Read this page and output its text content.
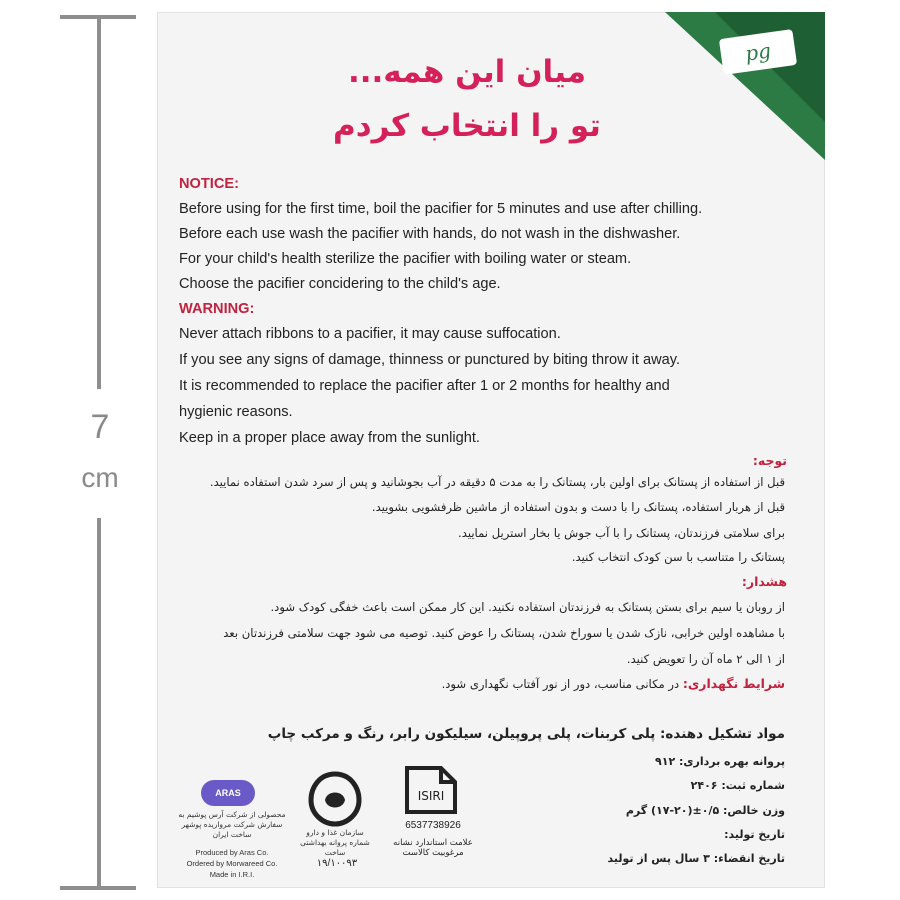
7
cm
pg
میان این همه...
تو را انتخاب کردم
NOTICE:
Before using for the first time, boil the pacifier for 5 minutes and use after chilling.
Before each use wash the pacifier with hands, do not wash in the dishwasher.
For your child's health sterilize the pacifier with boiling water or steam.
Choose the pacifier concidering to the child's age.
WARNING:
Never attach ribbons to a pacifier, it may cause suffocation.
If you see any signs of damage, thinness or punctured by biting throw it away.
It is recommended to replace the pacifier after 1 or 2 months for healthy and
hygienic reasons.
Keep in a proper place away from the sunlight.
توجه:
قبل از استفاده از پستانک برای اولین بار، پستانک را به مدت ۵ دقیقه در آب بجوشانید و پس از سرد شدن استفاده نمایید.
قبل از هربار استفاده، پستانک را با دست و بدون استفاده از ماشین ظرفشویی بشویید.
برای سلامتی فرزندتان، پستانک را با آب جوش یا بخار استریل نمایید.
پستانک را متناسب با سن کودک انتخاب کنید.
هشدار:
از روبان یا سیم برای بستن پستانک به فرزندتان استفاده نکنید. این کار ممکن است باعث خفگی کودک شود.
با مشاهده اولین خرابی، نازک شدن یا سوراخ شدن، پستانک را عوض کنید. توصیه می شود جهت سلامتی فرزندتان بعد
از ۱ الی ۲ ماه آن را تعویض کنید.
شرایط نگهداری: در مکانی مناسب، دور از نور آفتاب نگهداری شود.
مواد تشکیل دهنده: پلی کربنات، پلی پروپیلن، سیلیکون رابر، رنگ و مرکب چاپ
پروانه بهره برداری: ۹۱۲
شماره ثبت: ۲۴۰۶
وزن خالص: ۰/۵±(۲۰-۱۷) گرم
تاریخ تولید:
تاریخ انقضاء: ۳ سال پس از تولید
ISIRI
6537738926
علامت استاندارد نشانه مرغوبیت کالاست
سازمان غذا و دارو
شماره پروانه بهداشتی ساخت
۱۹/۱۰۰۹۳
ARAS
محصولی از شرکت آرس پوشیم به سفارش شرکت مرواریده پوشهر ساخت ایران
Produced by Aras Co.
Ordered by Morwareed Co.
Made in I.R.I.
